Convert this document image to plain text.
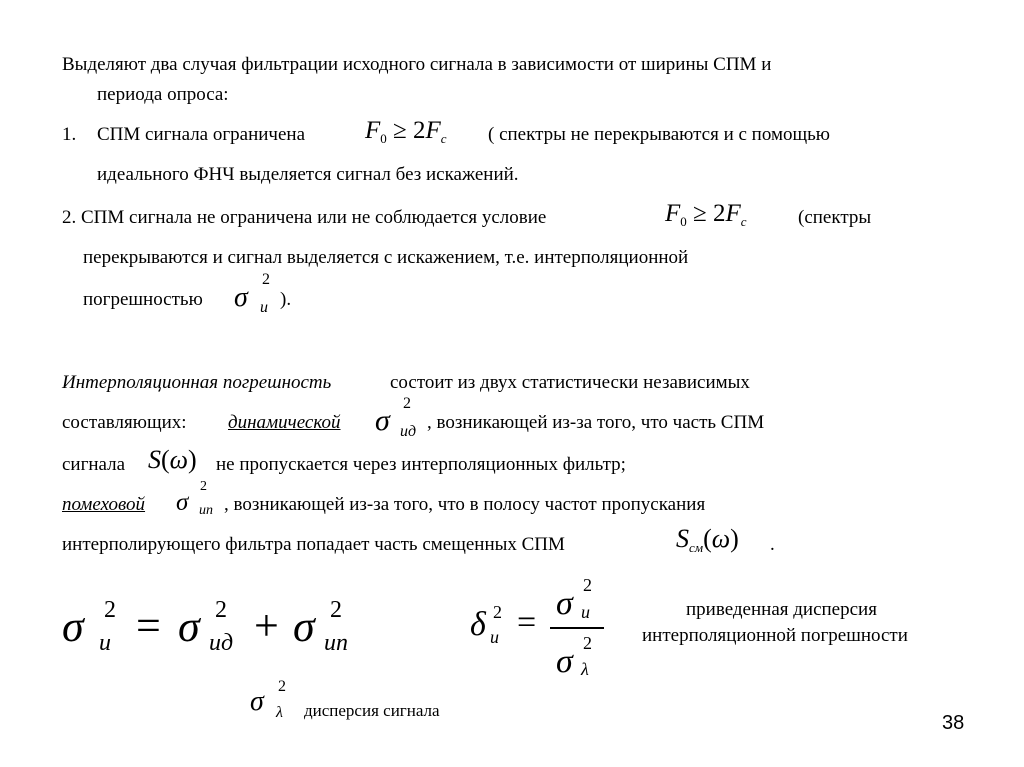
Выделяют два случая фильтрации исходного сигнала в зависимости от ширины СПМ и
периода опроса:
1. СПМ сигнала ограничена $F_0 \ge 2F_c$ ( спектры не перекрываются и с помощью
идеального ФНЧ выделяется сигнал без искажений.
2. СПМ сигнала не ограничена или не соблюдается условие	$F_0 \ge 2F_c$	(спектры
перекрываются и сигнал выделяется с искажением, т.е. интерполяционной
погрешностью σ
2
и ).
Интерполяционная погрешность	состоит из двух статистически независимых
составляющих: динамической σ
2
ид , возникающей из-за того, что часть СПМ
сигнала S(ω) не пропускается через интерполяционных фильтр;
помеховой σ
2
ип , возникающей из-за того, что в полосу частот пропускания
интерполирующего фильтра попадает часть смещенных СПМ	$S_{см}(\omega)$ .
σ 2
и = σ 2
ид + σ 2
ип	δ 2
и =
σ 2
и
σ 2
λ
приведенная дисперсия
интерполяционной погрешности
σ 2
λ дисперсия сигнала
38
